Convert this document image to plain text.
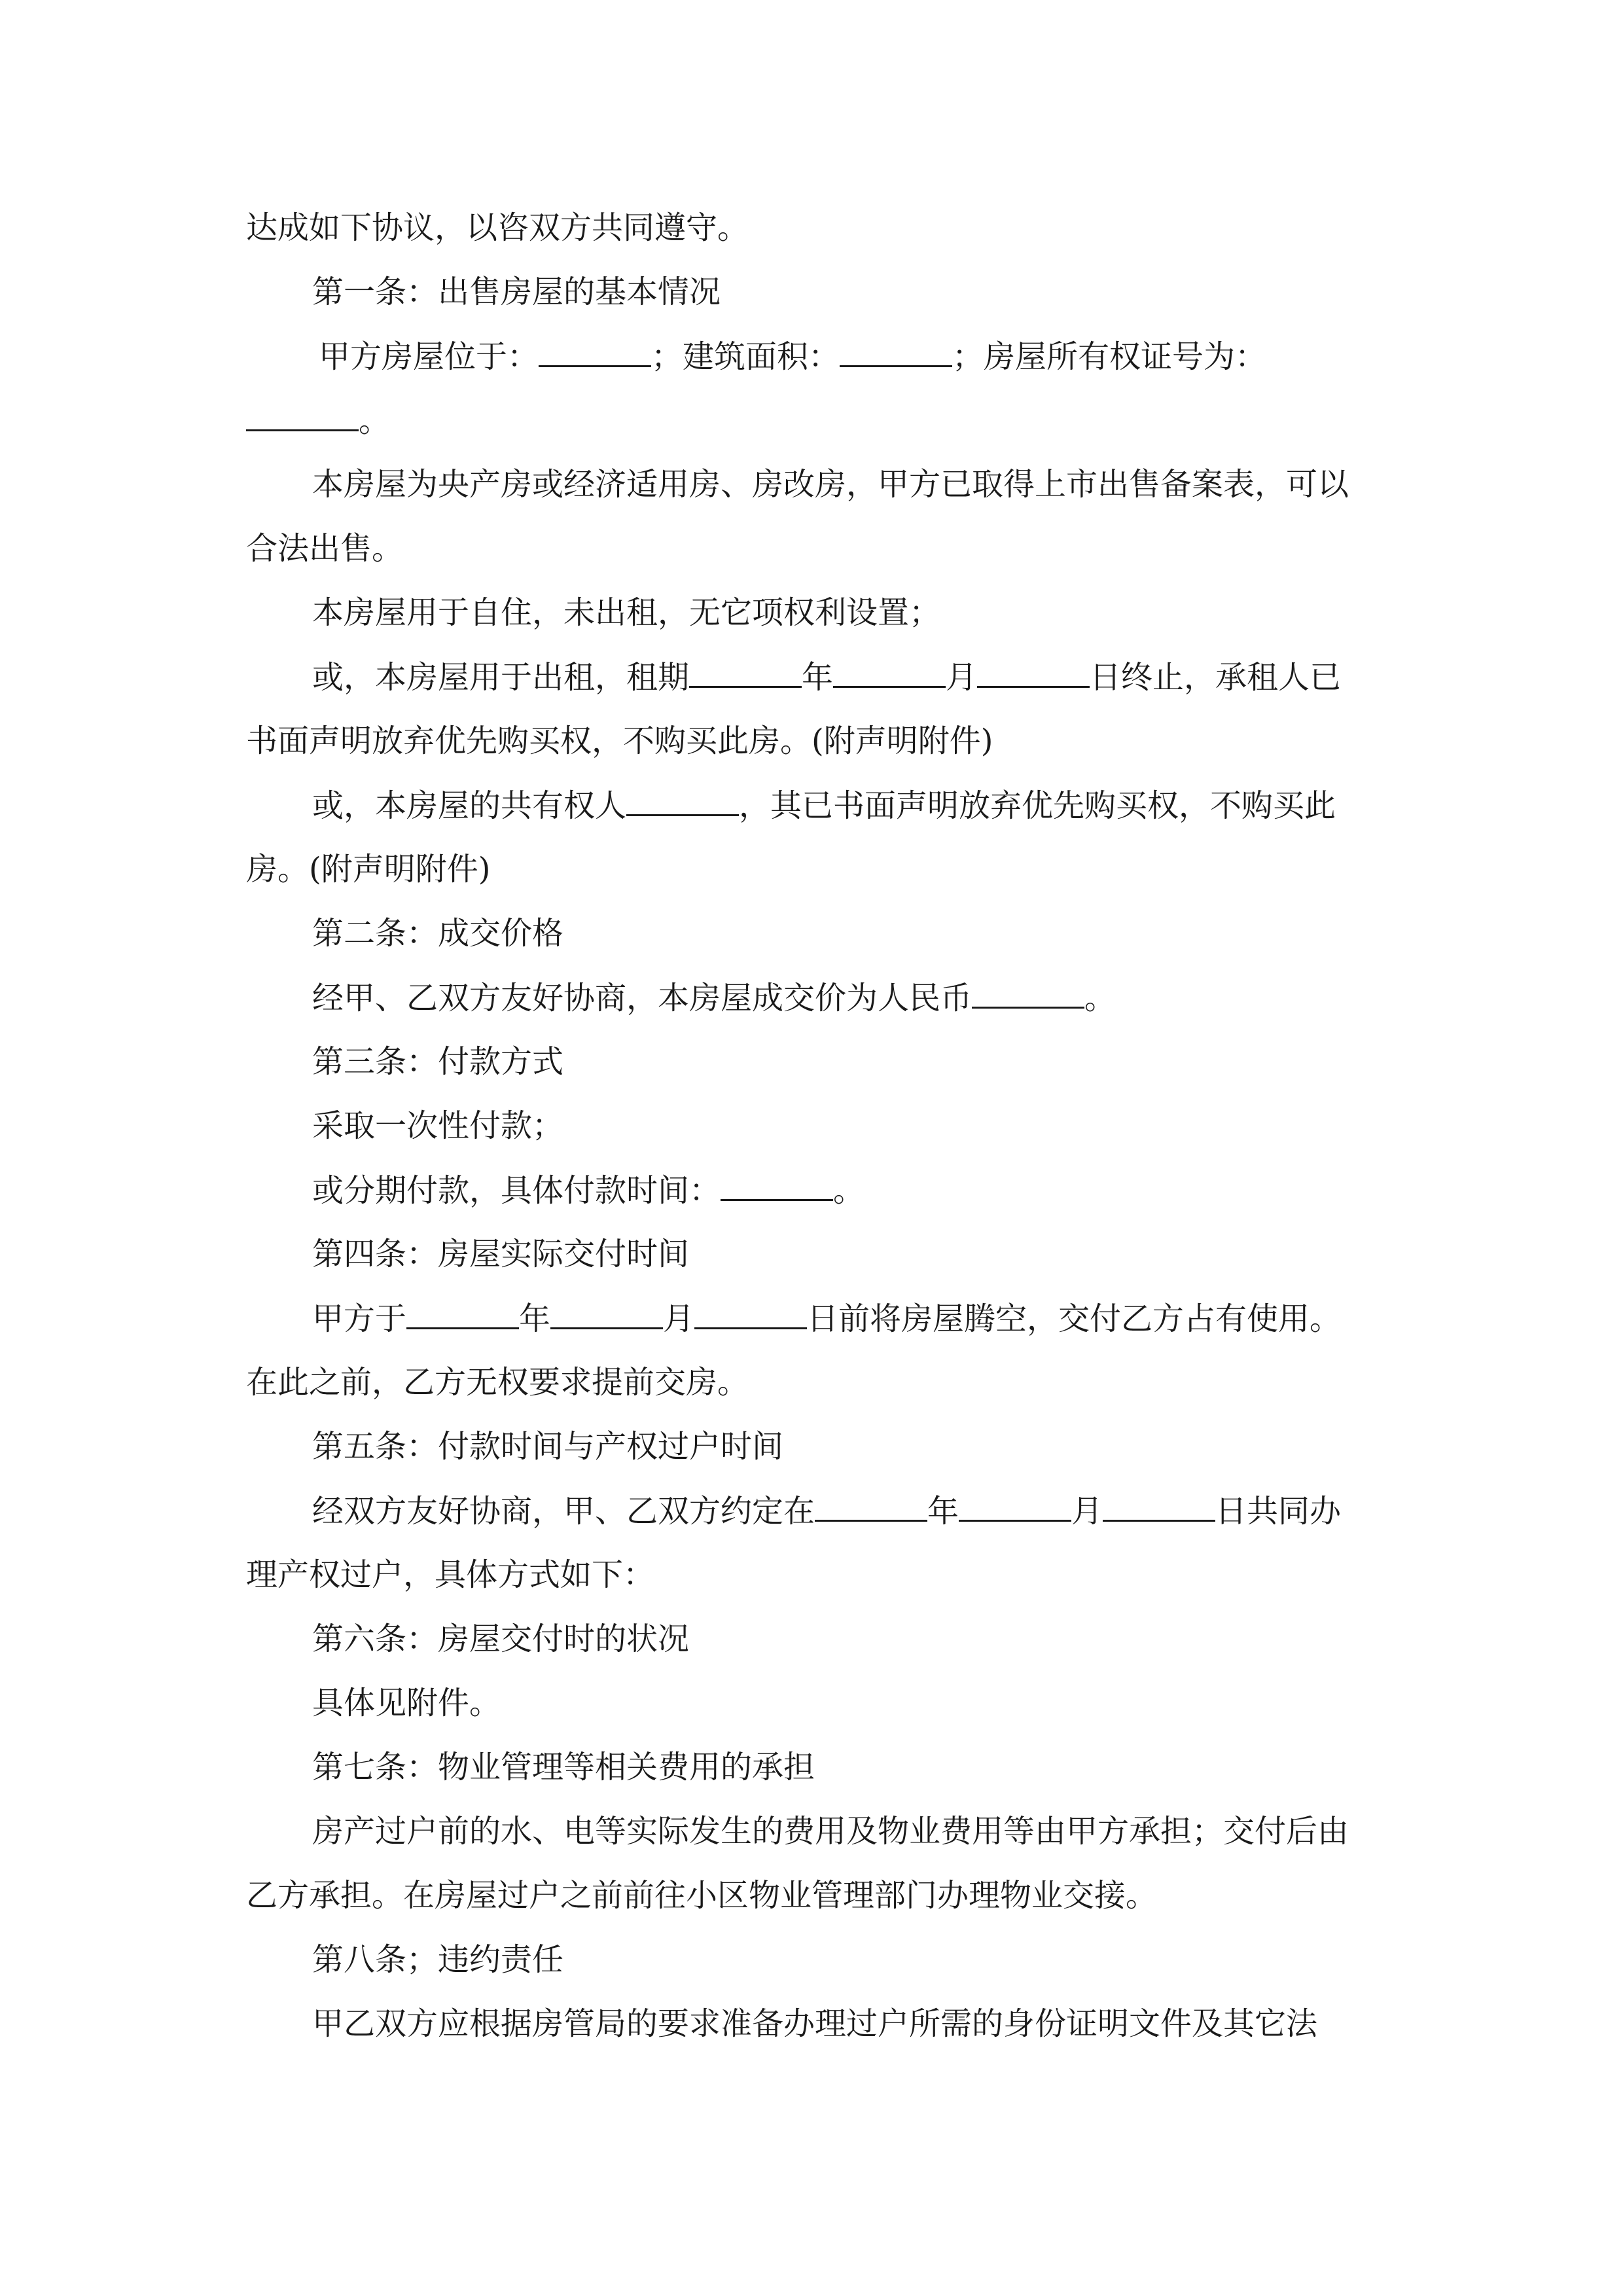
达成如下协议，以咨双方共同遵守。

第一条：出售房屋的基本情况

甲方房屋位于：	；建筑面积：	；房屋所有权证号为：

。

本房屋为央产房或经济适用房、房改房，甲方已取得上市出售备案表，可以

合法出售。

本房屋用于自住，未出租，无它项权利设置；

或，本房屋用于出租，租期	年	月	日终止，承租人已

书面声明放弃优先购买权，不购买此房。(附声明附件)

或，本房屋的共有权人	，其已书面声明放弃优先购买权，不购买此

房。(附声明附件)

第二条：成交价格

经甲、乙双方友好协商，本房屋成交价为人民币	。

第三条：付款方式

采取一次性付款；

或分期付款，具体付款时间：	。

第四条：房屋实际交付时间

甲方于	年	月	日前将房屋腾空，交付乙方占有使用。

在此之前，乙方无权要求提前交房。

第五条：付款时间与产权过户时间

经双方友好协商，甲、乙双方约定在	年	月	日共同办

理产权过户，具体方式如下：

第六条：房屋交付时的状况

具体见附件。

第七条：物业管理等相关费用的承担

房产过户前的水、电等实际发生的费用及物业费用等由甲方承担；交付后由

乙方承担。在房屋过户之前前往小区物业管理部门办理物业交接。

第八条；违约责任

甲乙双方应根据房管局的要求准备办理过户所需的身份证明文件及其它法
